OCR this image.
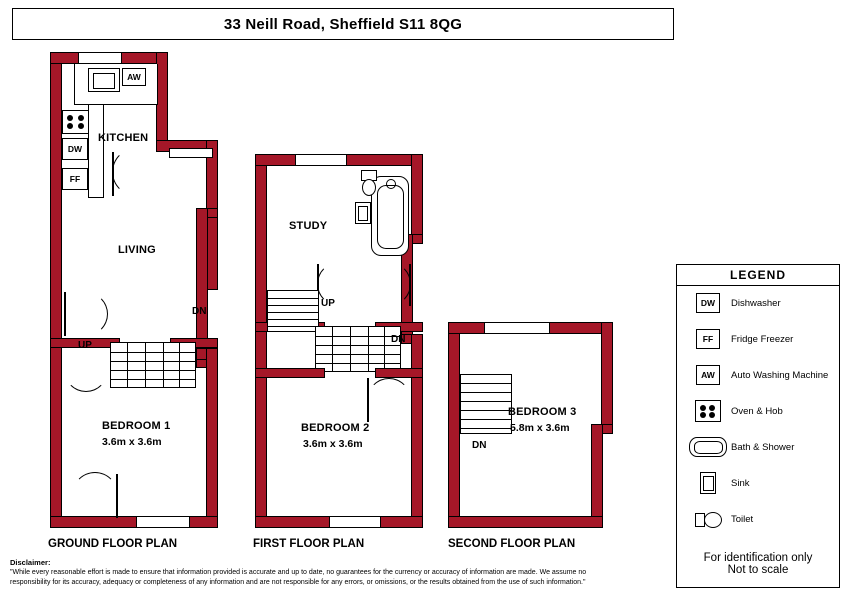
33 Neill Road, Sheffield S11 8QG
AW
DW
FF
KITCHEN
LIVING
UP
DN
BEDROOM 1
3.6m x 3.6m
GROUND FLOOR PLAN
STUDY
UP
DN
BEDROOM 2
3.6m x 3.6m
FIRST FLOOR PLAN
DN
BEDROOM 3
5.8m x 3.6m
SECOND FLOOR PLAN
LEGEND
DW Dishwasher
FF Fridge Freezer
AW Auto Washing Machine
Oven & Hob
Bath & Shower
Sink
Toilet
For identification only
Not to scale
Disclaimer:
"While every reasonable effort is made to ensure that information provided is accurate and up to date, no guarantees for the currency or accuracy of information are made. We assume no
responsibility for its accuracy, adequacy or completeness of any information and are not responsible for any errors, or omissions, or the results obtained from the use of such information."
